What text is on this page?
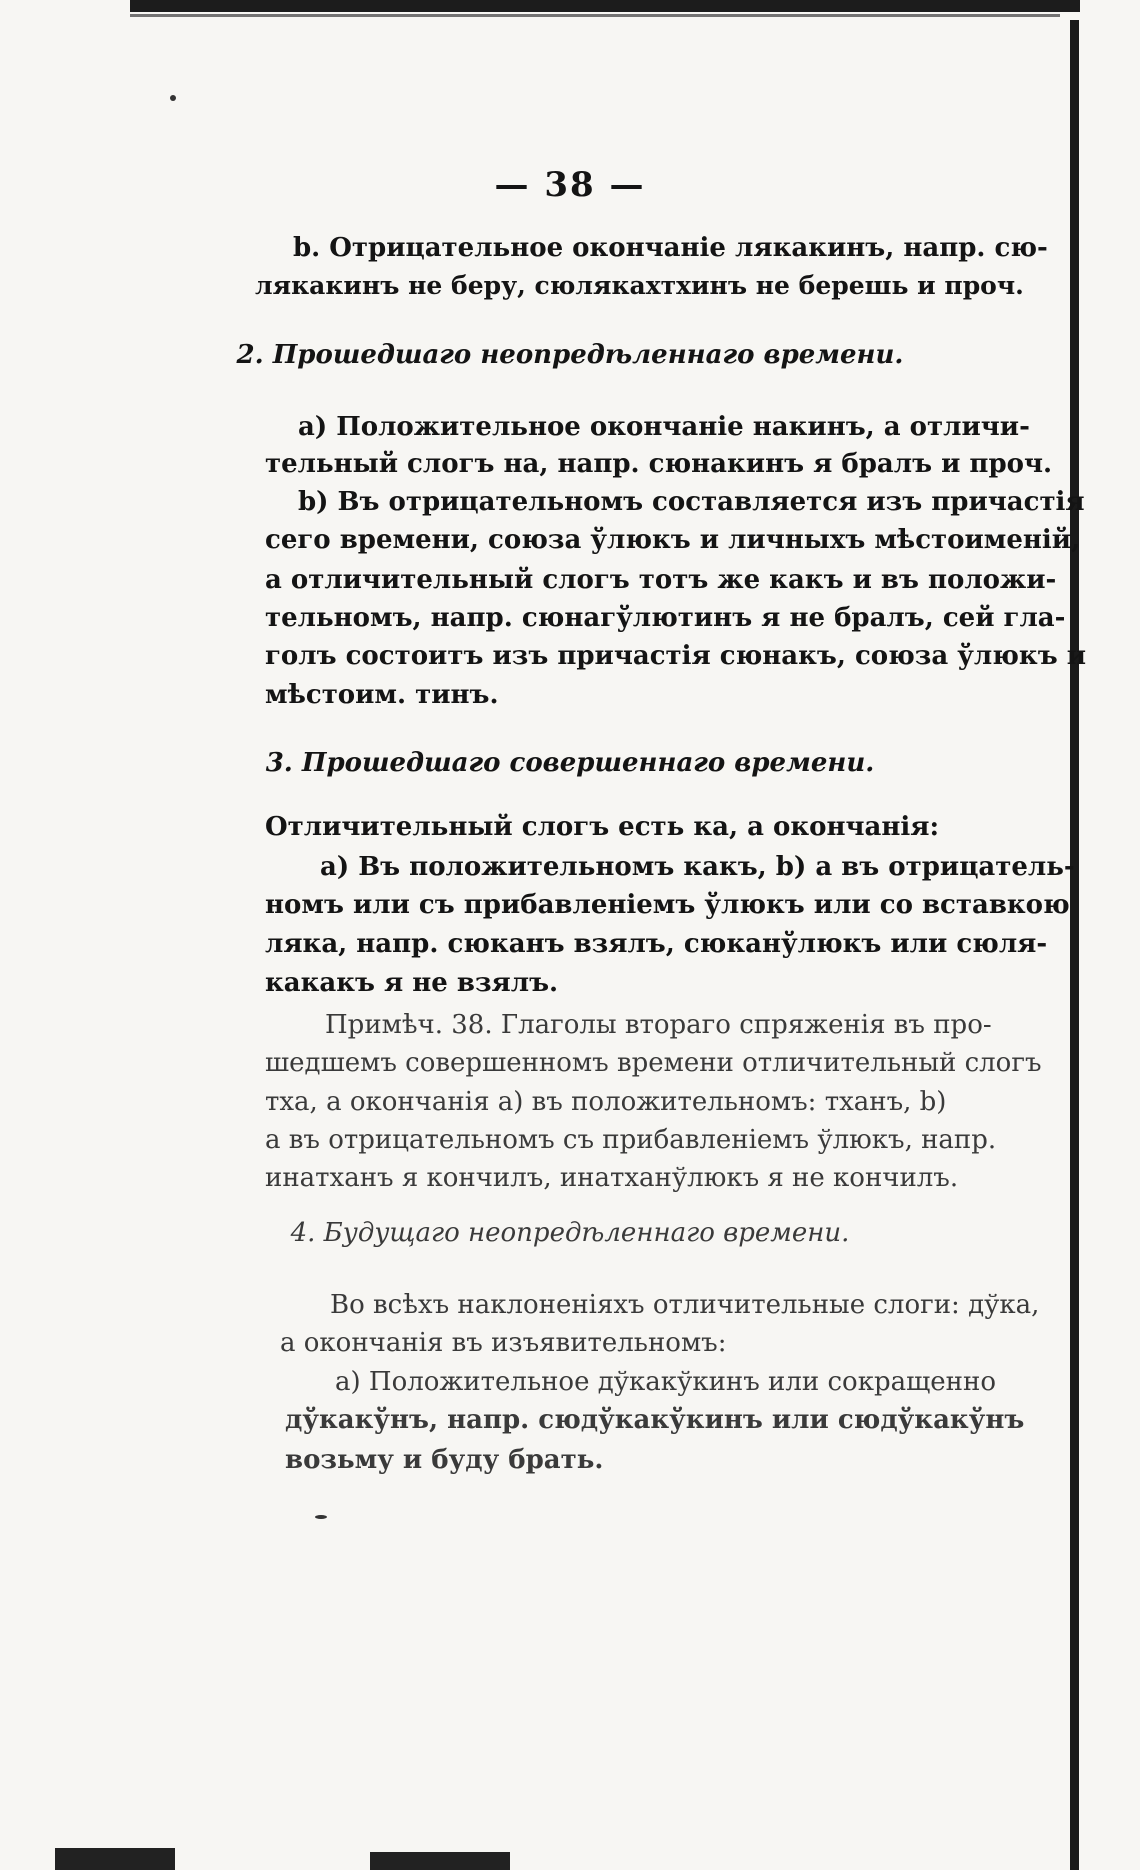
— 38 —
b. Отрицательное окончаніе лякакинъ, напр. сю-
лякакинъ не беру, сюлякахтхинъ не берешь и проч.
2. Прошедшаго неопредѣленнаго времени.
a) Положительное окончаніе накинъ, а отличи-
тельный слогъ на, напр. сюнакинъ я бралъ и проч.
b) Въ отрицательномъ составляется изъ причастія
сего времени, союза ўлюкъ и личныхъ мѣстоименій,
а отличительный слогъ тотъ же какъ и въ положи-
тельномъ, напр. сюнагўлютинъ я не бралъ, сей гла-
голъ состоитъ изъ причастія сюнакъ, союза ўлюкъ и
мѣстоим. тинъ.
3. Прошедшаго совершеннаго времени.
Отличительный слогъ есть ка, а окончанія:
a) Въ положительномъ какъ, b) а въ отрицатель-
номъ или съ прибавленіемъ ўлюкъ или со вставкою
ляка, напр. сюканъ взялъ, сюканўлюкъ или сюля-
какакъ я не взялъ.
Примѣч. 38. Глаголы втораго спряженія въ про-
шедшемъ совершенномъ времени отличительный слогъ
тха, а окончанія а) въ положительномъ: тханъ, b)
а въ отрицательномъ съ прибавленіемъ ўлюкъ, напр.
инатханъ я кончилъ, инатханўлюкъ я не кончилъ.
4. Будущаго неопредѣленнаго времени.
Во всѣхъ наклоненіяхъ отличительные слоги: дўка,
а окончанія въ изъявительномъ:
a) Положительное дўкакўкинъ или сокращенно
дўкакўнъ, напр. сюдўкакўкинъ или сюдўкакўнъ
возьму и буду брать.
